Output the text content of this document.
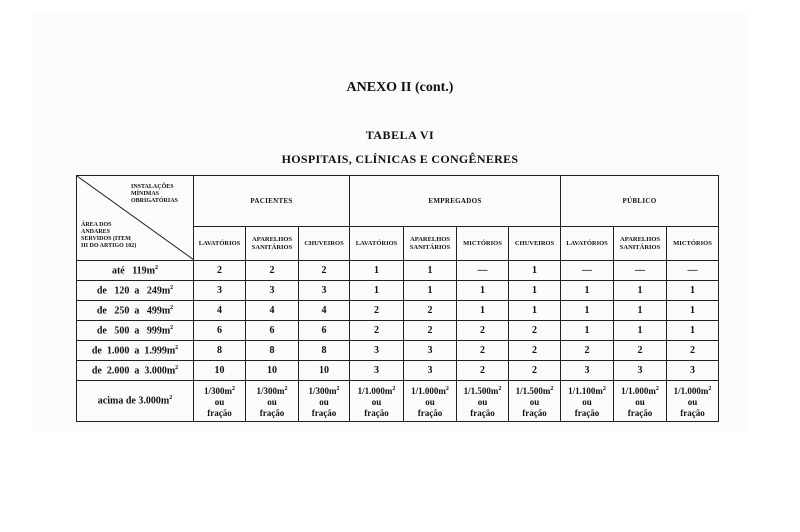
ANEXO II (cont.)
TABELA VI
HOSPITAIS, CLÍNICAS E CONGÊNERES
INSTALAÇÕES MÍNIMAS OBRIGATÓRIAS
ÁREA DOS ANDARES SERVIDOS (ITEM III DO ARTIGO 102)	PACIENTES			EMPREGADOS				PÚBLICO		
	LAVATÓRIOS	APARELHOS SANITÁRIOS	CHUVEIROS	LAVATÓRIOS	APARELHOS SANITÁRIOS	MICTÓRIOS	CHUVEIROS	LAVATÓRIOS	APARELHOS SANITÁRIOS	MICTÓRIOS
até   $119m^2$	2	2	2	1	1	—	1	—	—	—
de   120  a   $249m^2$	3	3	3	1	1	1	1	1	1	1
de   250  a   $499m^2$	4	4	4	2	2	1	1	1	1	1
de   500  a   $999m^2$	6	6	6	2	2	2	2	1	1	1
de  1.000  a  $1.999m^2$	8	8	8	3	3	2	2	2	2	2
de  2.000  a  $3.000m^2$	10	10	10	3	3	2	2	3	3	3
acima de $3.000m^2$	$1/300m^2$
ou
fração	$1/300m^2$
ou
fração	$1/300m^2$
ou
fração	$1/1.000m^2$
ou
fração	$1/1.000m^2$
ou
fração	$1/1.500m^2$
ou
fração	$1/1.500m^2$
ou
fração	$1/1.100m^2$
ou
fração	$1/1.000m^2$
ou
fração	$1/1.000m^2$
ou
fração
